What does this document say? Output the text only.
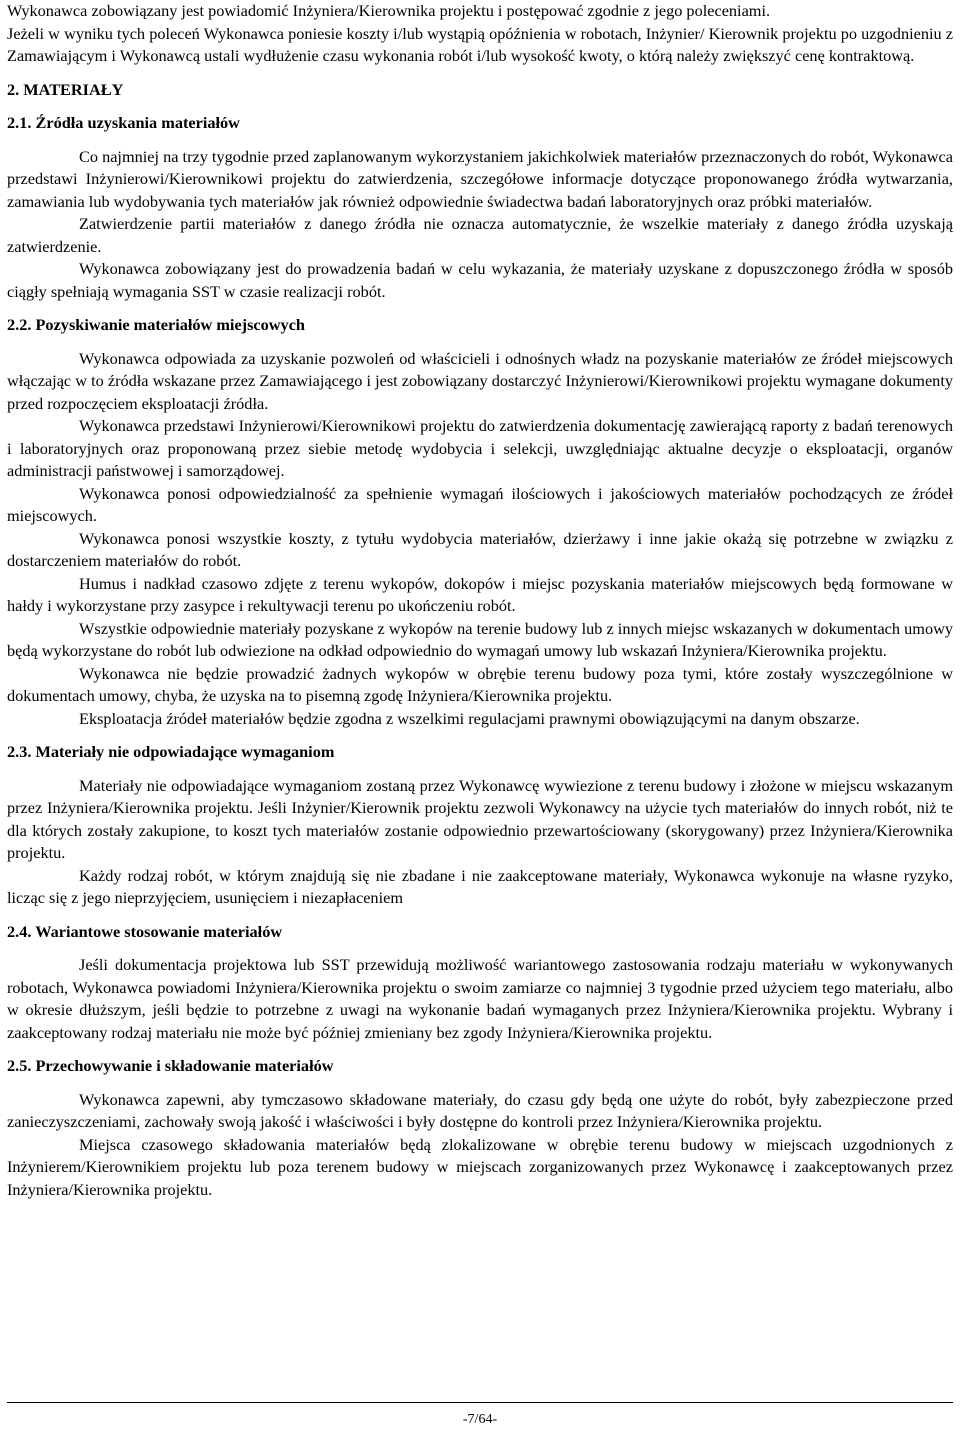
Wykonawca zobowiązany jest powiadomić Inżyniera/Kierownika projektu i postępować zgodnie z jego poleceniami.

Jeżeli w wyniku tych poleceń Wykonawca poniesie koszty i/lub wystąpią opóźnienia w robotach, Inżynier/ Kierownik projektu po uzgodnieniu z Zamawiającym i Wykonawcą ustali wydłużenie czasu wykonania robót i/lub wysokość kwoty, o którą należy zwiększyć cenę kontraktową.

2. MATERIAŁY

2.1. Źródła uzyskania materiałów

Co najmniej na trzy tygodnie przed zaplanowanym wykorzystaniem jakichkolwiek materiałów przeznaczonych do robót, Wykonawca przedstawi Inżynierowi/Kierownikowi projektu do zatwierdzenia, szczegółowe informacje dotyczące proponowanego źródła wytwarzania, zamawiania lub wydobywania tych materiałów jak również odpowiednie świadectwa badań laboratoryjnych oraz próbki materiałów.

Zatwierdzenie partii materiałów z danego źródła nie oznacza automatycznie, że wszelkie materiały z danego źródła uzyskają zatwierdzenie.

Wykonawca zobowiązany jest do prowadzenia badań w celu wykazania, że materiały uzyskane z dopuszczonego źródła w sposób ciągły spełniają wymagania SST w czasie realizacji robót.

2.2. Pozyskiwanie materiałów miejscowych

Wykonawca odpowiada za uzyskanie pozwoleń od właścicieli i odnośnych władz na pozyskanie materiałów ze źródeł miejscowych włączając w to źródła wskazane przez Zamawiającego i jest zobowiązany dostarczyć Inżynierowi/Kierownikowi projektu wymagane dokumenty przed rozpoczęciem eksploatacji źródła.

Wykonawca przedstawi Inżynierowi/Kierownikowi projektu do zatwierdzenia dokumentację zawierającą raporty z badań terenowych i laboratoryjnych oraz proponowaną przez siebie metodę wydobycia i selekcji, uwzględniając aktualne decyzje o eksploatacji, organów administracji państwowej i samorządowej.

Wykonawca ponosi odpowiedzialność za spełnienie wymagań ilościowych i jakościowych materiałów pochodzących ze źródeł miejscowych.

Wykonawca ponosi wszystkie koszty, z tytułu wydobycia materiałów, dzierżawy i inne jakie okażą się potrzebne w związku z dostarczeniem materiałów do robót.

Humus i nadkład czasowo zdjęte z terenu wykopów, dokopów i miejsc pozyskania materiałów miejscowych będą formowane w hałdy i wykorzystane przy zasypce i rekultywacji terenu po ukończeniu robót.

Wszystkie odpowiednie materiały pozyskane z wykopów na terenie budowy lub z innych miejsc wskazanych w dokumentach umowy będą wykorzystane do robót lub odwiezione na odkład odpowiednio do wymagań umowy lub wskazań Inżyniera/Kierownika projektu.

Wykonawca nie będzie prowadzić żadnych wykopów w obrębie terenu budowy poza tymi, które zostały wyszczególnione w dokumentach umowy, chyba, że uzyska na to pisemną zgodę Inżyniera/Kierownika projektu.

Eksploatacja źródeł materiałów będzie zgodna z wszelkimi regulacjami prawnymi obowiązującymi na danym obszarze.

2.3. Materiały nie odpowiadające wymaganiom

Materiały nie odpowiadające wymaganiom zostaną przez Wykonawcę wywiezione z terenu budowy i złożone w miejscu wskazanym przez Inżyniera/Kierownika projektu. Jeśli Inżynier/Kierownik projektu zezwoli Wykonawcy na użycie tych materiałów do innych robót, niż te dla których zostały zakupione, to koszt tych materiałów zostanie odpowiednio przewartościowany (skorygowany) przez Inżyniera/Kierownika projektu.

Każdy rodzaj robót, w którym znajdują się nie zbadane i nie zaakceptowane materiały, Wykonawca wykonuje na własne ryzyko, licząc się z jego nieprzyjęciem, usunięciem i niezapłaceniem

2.4. Wariantowe stosowanie materiałów

Jeśli dokumentacja projektowa lub SST przewidują możliwość wariantowego zastosowania rodzaju materiału w wykonywanych robotach, Wykonawca powiadomi Inżyniera/Kierownika projektu o swoim zamiarze co najmniej 3 tygodnie przed użyciem tego materiału, albo w okresie dłuższym, jeśli będzie to potrzebne z uwagi na wykonanie badań wymaganych przez Inżyniera/Kierownika projektu. Wybrany i zaakceptowany rodzaj materiału nie może być później zmieniany bez zgody Inżyniera/Kierownika projektu.

2.5. Przechowywanie i składowanie materiałów

Wykonawca zapewni, aby tymczasowo składowane materiały, do czasu gdy będą one użyte do robót, były zabezpieczone przed zanieczyszczeniami, zachowały swoją jakość i właściwości i były dostępne do kontroli przez Inżyniera/Kierownika projektu.

Miejsca czasowego składowania materiałów będą zlokalizowane w obrębie terenu budowy w miejscach uzgodnionych z Inżynierem/Kierownikiem projektu lub poza terenem budowy w miejscach zorganizowanych przez Wykonawcę i zaakceptowanych przez Inżyniera/Kierownika projektu.

-7/64-
